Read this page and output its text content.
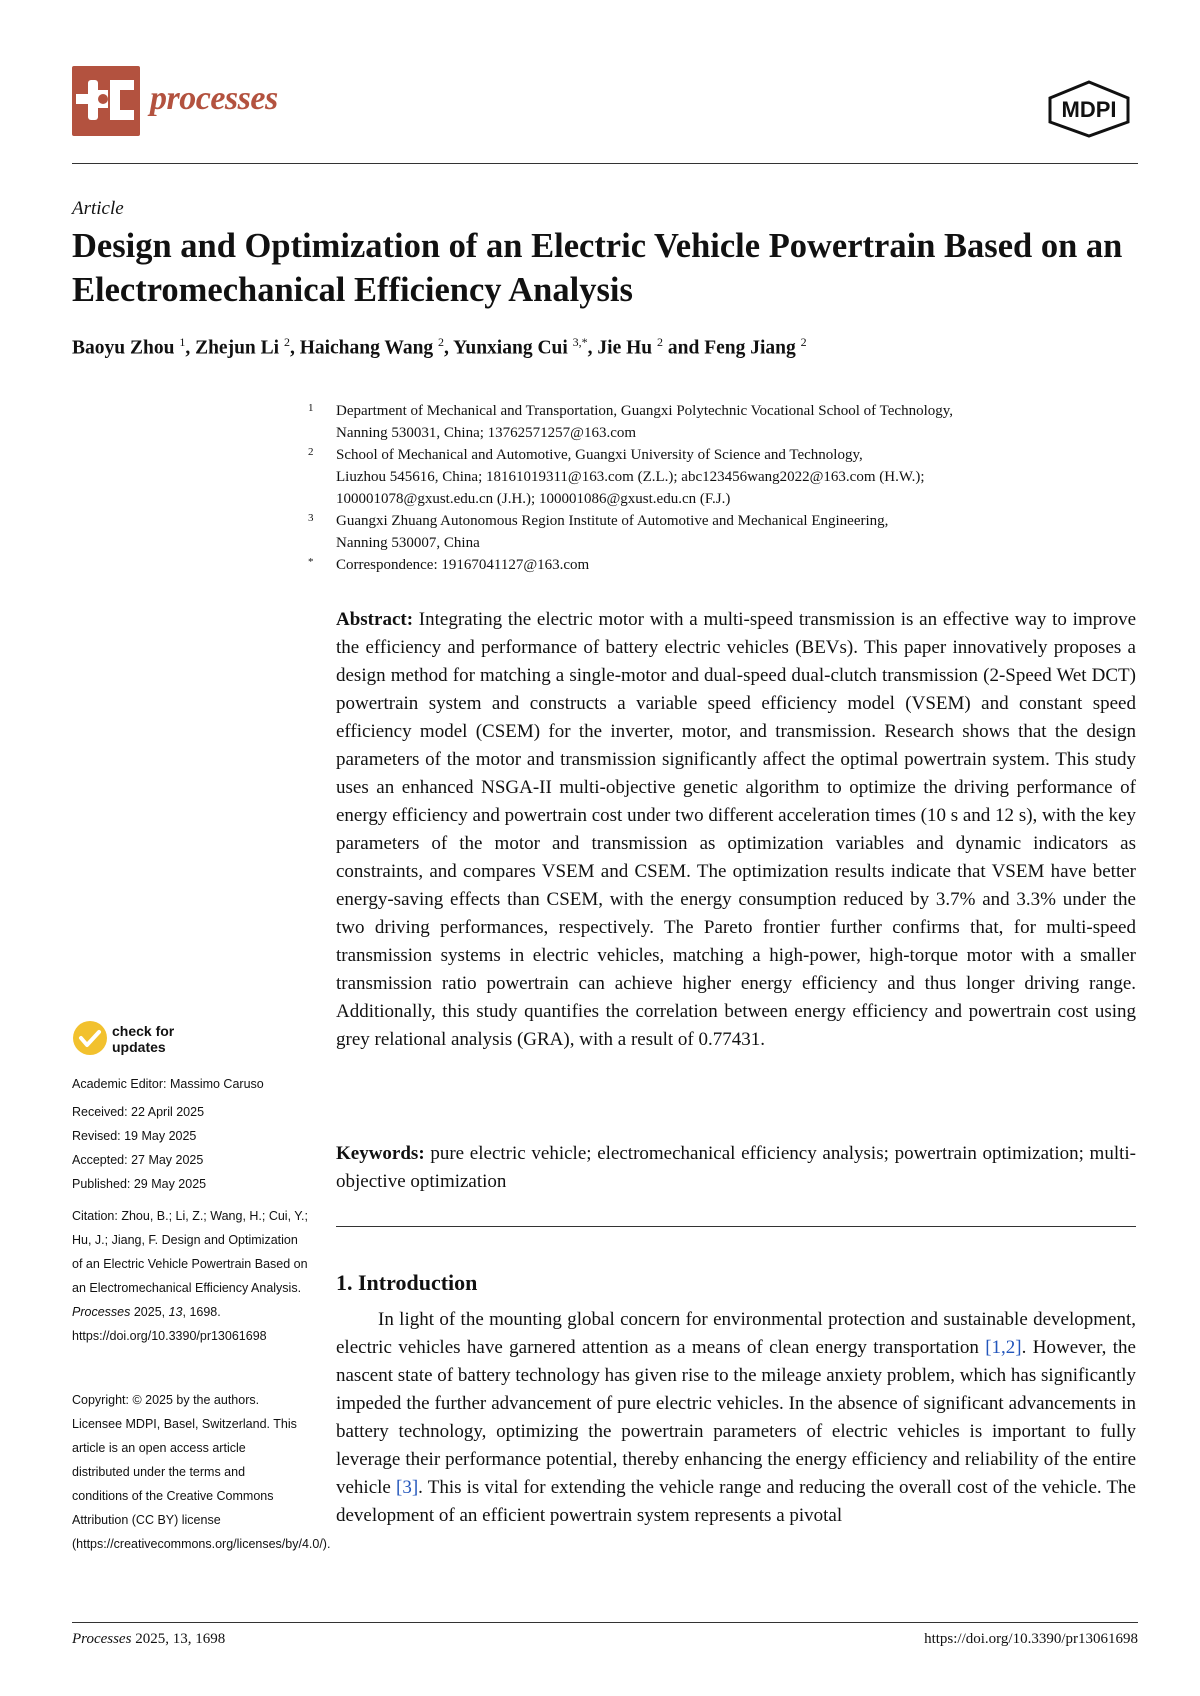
processes	MDPI
Article
Design and Optimization of an Electric Vehicle Powertrain Based on an Electromechanical Efficiency Analysis
Baoyu Zhou $^1$, Zhejun Li $^2$, Haichang Wang $^2$, Yunxiang Cui $^{3,*}$, Jie Hu $^2$ and Feng Jiang $^2$
1 Department of Mechanical and Transportation, Guangxi Polytechnic Vocational School of Technology,
Nanning 530031, China; 13762571257@163.com
2 School of Mechanical and Automotive, Guangxi University of Science and Technology,
Liuzhou 545616, China; 18161019311@163.com (Z.L.); abc123456wang2022@163.com (H.W.);
100001078@gxust.edu.cn (J.H.); 100001086@gxust.edu.cn (F.J.)
3 Guangxi Zhuang Autonomous Region Institute of Automotive and Mechanical Engineering,
Nanning 530007, China
* Correspondence: 19167041127@163.com
Abstract: Integrating the electric motor with a multi-speed transmission is an effective way to improve the efficiency and performance of battery electric vehicles (BEVs). This paper innovatively proposes a design method for matching a single-motor and dual-speed dual-clutch transmission (2-Speed Wet DCT) powertrain system and constructs a variable speed efficiency model (VSEM) and constant speed efficiency model (CSEM) for the inverter, motor, and transmission. Research shows that the design parameters of the motor and transmission significantly affect the optimal powertrain system. This study uses an enhanced NSGA-II multi-objective genetic algorithm to optimize the driving performance of energy efficiency and powertrain cost under two different acceleration times (10 s and 12 s), with the key parameters of the motor and transmission as optimization variables and dynamic indicators as constraints, and compares VSEM and CSEM. The optimization results indicate that VSEM have better energy-saving effects than CSEM, with the energy consumption reduced by 3.7% and 3.3% under the two driving performances, respectively. The Pareto frontier further confirms that, for multi-speed transmission systems in electric vehicles, matching a high-power, high-torque motor with a smaller transmission ratio powertrain can achieve higher energy efficiency and thus longer driving range. Additionally, this study quantifies the correlation between energy efficiency and powertrain cost using grey relational analysis (GRA), with a result of 0.77431.
Keywords: pure electric vehicle; electromechanical efficiency analysis; powertrain optimization; multi-objective optimization
1. Introduction
In light of the mounting global concern for environmental protection and sustainable development, electric vehicles have garnered attention as a means of clean energy transportation [1,2]. However, the nascent state of battery technology has given rise to the mileage anxiety problem, which has significantly impeded the further advancement of pure electric vehicles. In the absence of significant advancements in battery technology, optimizing the powertrain parameters of electric vehicles is important to fully leverage their performance potential, thereby enhancing the energy efficiency and reliability of the entire vehicle [3]. This is vital for extending the vehicle range and reducing the overall cost of the vehicle. The development of an efficient powertrain system represents a pivotal
check for
updates
Academic Editor: Massimo Caruso
Received: 22 April 2025
Revised: 19 May 2025
Accepted: 27 May 2025
Published: 29 May 2025
Citation: Zhou, B.; Li, Z.; Wang, H.; Cui, Y.; Hu, J.; Jiang, F. Design and Optimization of an Electric Vehicle Powertrain Based on an Electromechanical Efficiency Analysis. Processes 2025, 13, 1698. https://doi.org/10.3390/pr13061698
Copyright: © 2025 by the authors. Licensee MDPI, Basel, Switzerland. This article is an open access article distributed under the terms and conditions of the Creative Commons Attribution (CC BY) license (https://creativecommons.org/licenses/by/4.0/).
Processes 2025, 13, 1698	https://doi.org/10.3390/pr13061698
